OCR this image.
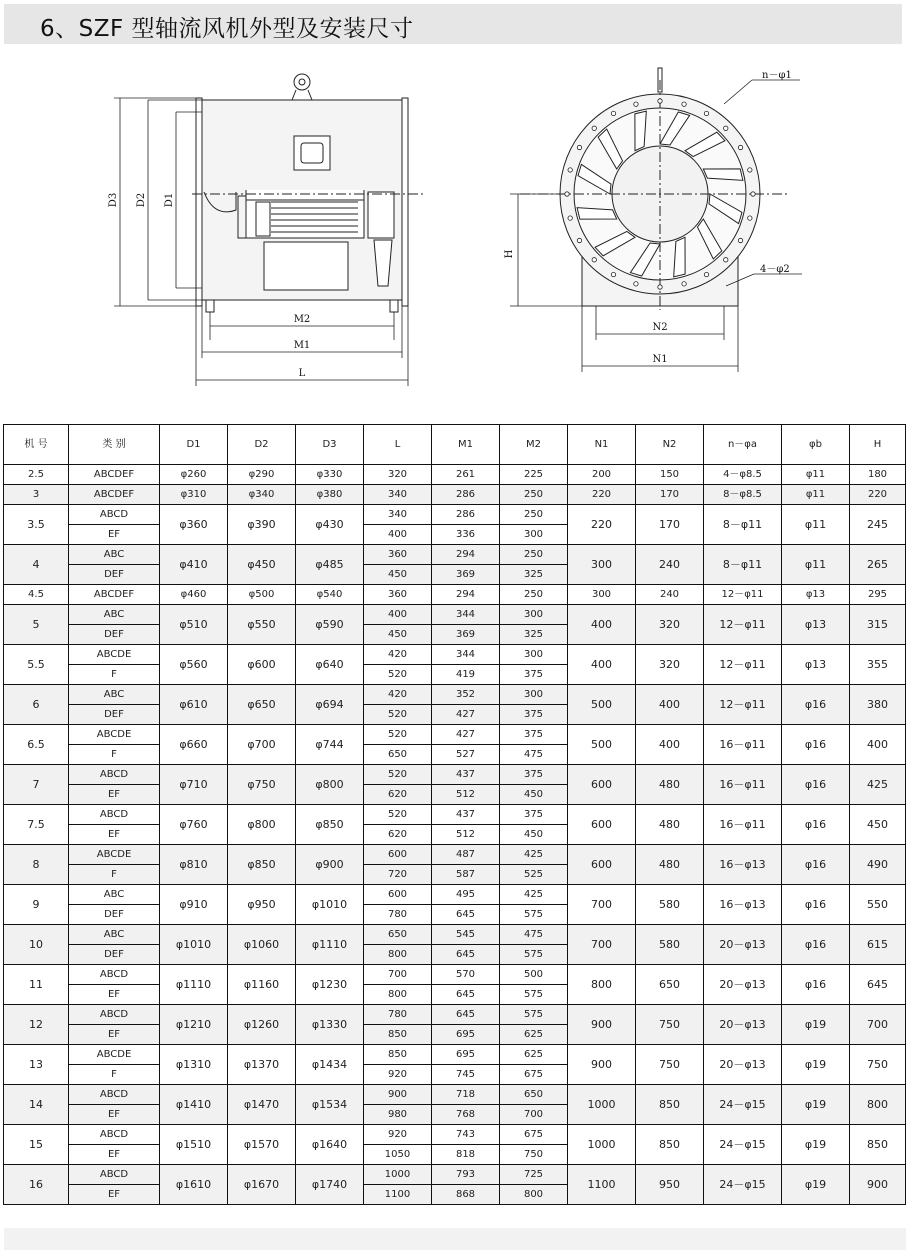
6、SZF 型轴流风机外型及安装尺寸
D3 D2 D1
M2
M1
L
n－φ1
4－φ2
H
N2
N1
机 号	类 别	D1	D2	D3	L	M1	M2	N1	N2	n－φa	φb	H
2.5	ABCDEF	φ260	φ290	φ330	320	261	225	200	150	4－φ8.5	φ11	180
3	ABCDEF	φ310	φ340	φ380	340	286	250	220	170	8－φ8.5	φ11	220
3.5	ABCD	φ360	φ390	φ430	340	286	250	220	170	8－φ11	φ11	245
	EF				400	336	300					
4	ABC	φ410	φ450	φ485	360	294	250	300	240	8－φ11	φ11	265
	DEF				450	369	325					
4.5	ABCDEF	φ460	φ500	φ540	360	294	250	300	240	12－φ11	φ13	295
5	ABC	φ510	φ550	φ590	400	344	300	400	320	12－φ11	φ13	315
	DEF				450	369	325					
5.5	ABCDE	φ560	φ600	φ640	420	344	300	400	320	12－φ11	φ13	355
	F				520	419	375					
6	ABC	φ610	φ650	φ694	420	352	300	500	400	12－φ11	φ16	380
	DEF				520	427	375					
6.5	ABCDE	φ660	φ700	φ744	520	427	375	500	400	16－φ11	φ16	400
	F				650	527	475					
7	ABCD	φ710	φ750	φ800	520	437	375	600	480	16－φ11	φ16	425
	EF				620	512	450					
7.5	ABCD	φ760	φ800	φ850	520	437	375	600	480	16－φ11	φ16	450
	EF				620	512	450					
8	ABCDE	φ810	φ850	φ900	600	487	425	600	480	16－φ13	φ16	490
	F				720	587	525					
9	ABC	φ910	φ950	φ1010	600	495	425	700	580	16－φ13	φ16	550
	DEF				780	645	575					
10	ABC	φ1010	φ1060	φ1110	650	545	475	700	580	20－φ13	φ16	615
	DEF				800	645	575					
11	ABCD	φ1110	φ1160	φ1230	700	570	500	800	650	20－φ13	φ16	645
	EF				800	645	575					
12	ABCD	φ1210	φ1260	φ1330	780	645	575	900	750	20－φ13	φ19	700
	EF				850	695	625					
13	ABCDE	φ1310	φ1370	φ1434	850	695	625	900	750	20－φ13	φ19	750
	F				920	745	675					
14	ABCD	φ1410	φ1470	φ1534	900	718	650	1000	850	24－φ15	φ19	800
	EF				980	768	700					
15	ABCD	φ1510	φ1570	φ1640	920	743	675	1000	850	24－φ15	φ19	850
	EF				1050	818	750					
16	ABCD	φ1610	φ1670	φ1740	1000	793	725	1100	950	24－φ15	φ19	900
	EF				1100	868	800					
